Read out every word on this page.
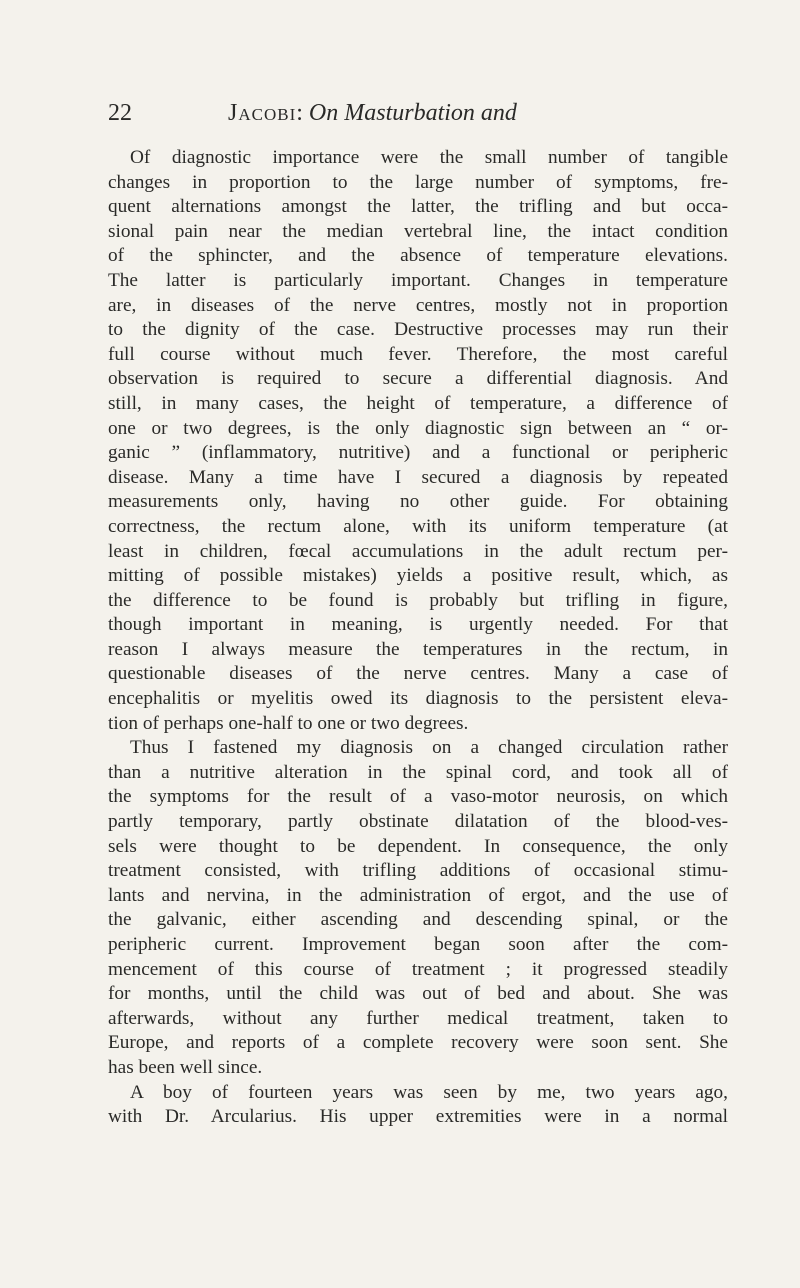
22	Jacobi: On Masturbation and
Of diagnostic importance were the small number of tangible
changes in proportion to the large number of symptoms, fre-
quent alternations amongst the latter, the trifling and but occa-
sional pain near the median vertebral line, the intact condition
of the sphincter, and the absence of temperature elevations.
The latter is particularly important. Changes in temperature
are, in diseases of the nerve centres, mostly not in proportion
to the dignity of the case. Destructive processes may run their
full course without much fever. Therefore, the most careful
observation is required to secure a differential diagnosis. And
still, in many cases, the height of temperature, a difference of
one or two degrees, is the only diagnostic sign between an “ or-
ganic ” (inflammatory, nutritive) and a functional or peripheric
disease. Many a time have I secured a diagnosis by repeated
measurements only, having no other guide. For obtaining
correctness, the rectum alone, with its uniform temperature (at
least in children, fœcal accumulations in the adult rectum per-
mitting of possible mistakes) yields a positive result, which, as
the difference to be found is probably but trifling in figure,
though important in meaning, is urgently needed. For that
reason I always measure the temperatures in the rectum, in
questionable diseases of the nerve centres. Many a case of
encephalitis or myelitis owed its diagnosis to the persistent eleva-
tion of perhaps one-half to one or two degrees.
Thus I fastened my diagnosis on a changed circulation rather
than a nutritive alteration in the spinal cord, and took all of
the symptoms for the result of a vaso-motor neurosis, on which
partly temporary, partly obstinate dilatation of the blood-ves-
sels were thought to be dependent. In consequence, the only
treatment consisted, with trifling additions of occasional stimu-
lants and nervina, in the administration of ergot, and the use of
the galvanic, either ascending and descending spinal, or the
peripheric current. Improvement began soon after the com-
mencement of this course of treatment ; it progressed steadily
for months, until the child was out of bed and about. She was
afterwards, without any further medical treatment, taken to
Europe, and reports of a complete recovery were soon sent. She
has been well since.
A boy of fourteen years was seen by me, two years ago,
with Dr. Arcularius. His upper extremities were in a normal
